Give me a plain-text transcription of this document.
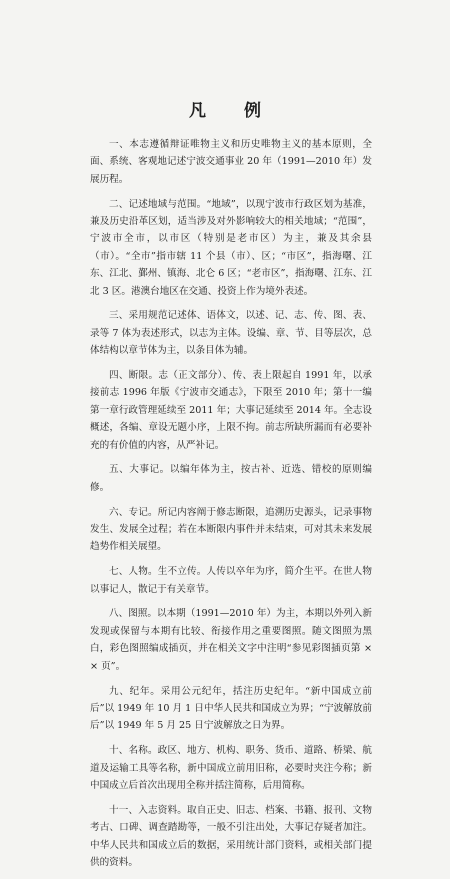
凡 例

一、本志遵循辩证唯物主义和历史唯物主义的基本原则，全面、系统、客观地记述宁波交通事业 20 年（1991—2010 年）发展历程。

二、记述地域与范围。“地域”，以现宁波市行政区划为基准，兼及历史沿革区划，适当涉及对外影响较大的相关地域；“范围”，宁波市全市，以市区（特别是老市区）为主，兼及其余县（市）。“全市”指市辖 11 个县（市）、区；“市区”，指海曙、江东、江北、鄞州、镇海、北仑 6 区；“老市区”，指海曙、江东、江北 3 区。港澳台地区在交通、投资上作为境外表述。

三、采用规范记述体、语体文，以述、记、志、传、图、表、录等 7 体为表述形式，以志为主体。设编、章、节、目等层次，总体结构以章节体为主，以条目体为辅。

四、断限。志（正文部分）、传、表上限起自 1991 年，以承接前志 1996 年版《宁波市交通志》，下限至 2010 年；第十一编第一章行政管理延续至 2011 年；大事记延续至 2014 年。全志设概述，各编、章设无题小序，上限不拘。前志所缺所漏而有必要补充的有价值的内容，从严补记。

五、大事记。以编年体为主，按古补、近选、错校的原则编修。

六、专记。所记内容阐于修志断限，追溯历史源头，记录事物发生、发展全过程；若在本断限内事件并未结束，可对其未来发展趋势作相关展望。

七、人物。生不立传。人传以卒年为序，简介生平。在世人物以事记人，散记于有关章节。

八、图照。以本期（1991—2010 年）为主，本期以外列入新发现或保留与本期有比较、衔接作用之重要图照。随文图照为黑白，彩色图照编成插页，并在相关文字中注明“参见彩图插页第 × × 页”。

九、纪年。采用公元纪年，括注历史纪年。“新中国成立前后”以 1949 年 10 月 1 日中华人民共和国成立为界；“宁波解放前后”以 1949 年 5 月 25 日宁波解放之日为界。

十、名称。政区、地方、机构、职务、货币、道路、桥梁、航道及运输工具等名称，新中国成立前用旧称，必要时夹注今称；新中国成立后首次出现用全称并括注简称，后用简称。

十一、入志资料。取自正史、旧志、档案、书籍、报刊、文物考古、口碑、调查踏勘等，一般不引注出处，大事记存疑者加注。中华人民共和国成立后的数据，采用统计部门资料，或相关部门提供的资料。
